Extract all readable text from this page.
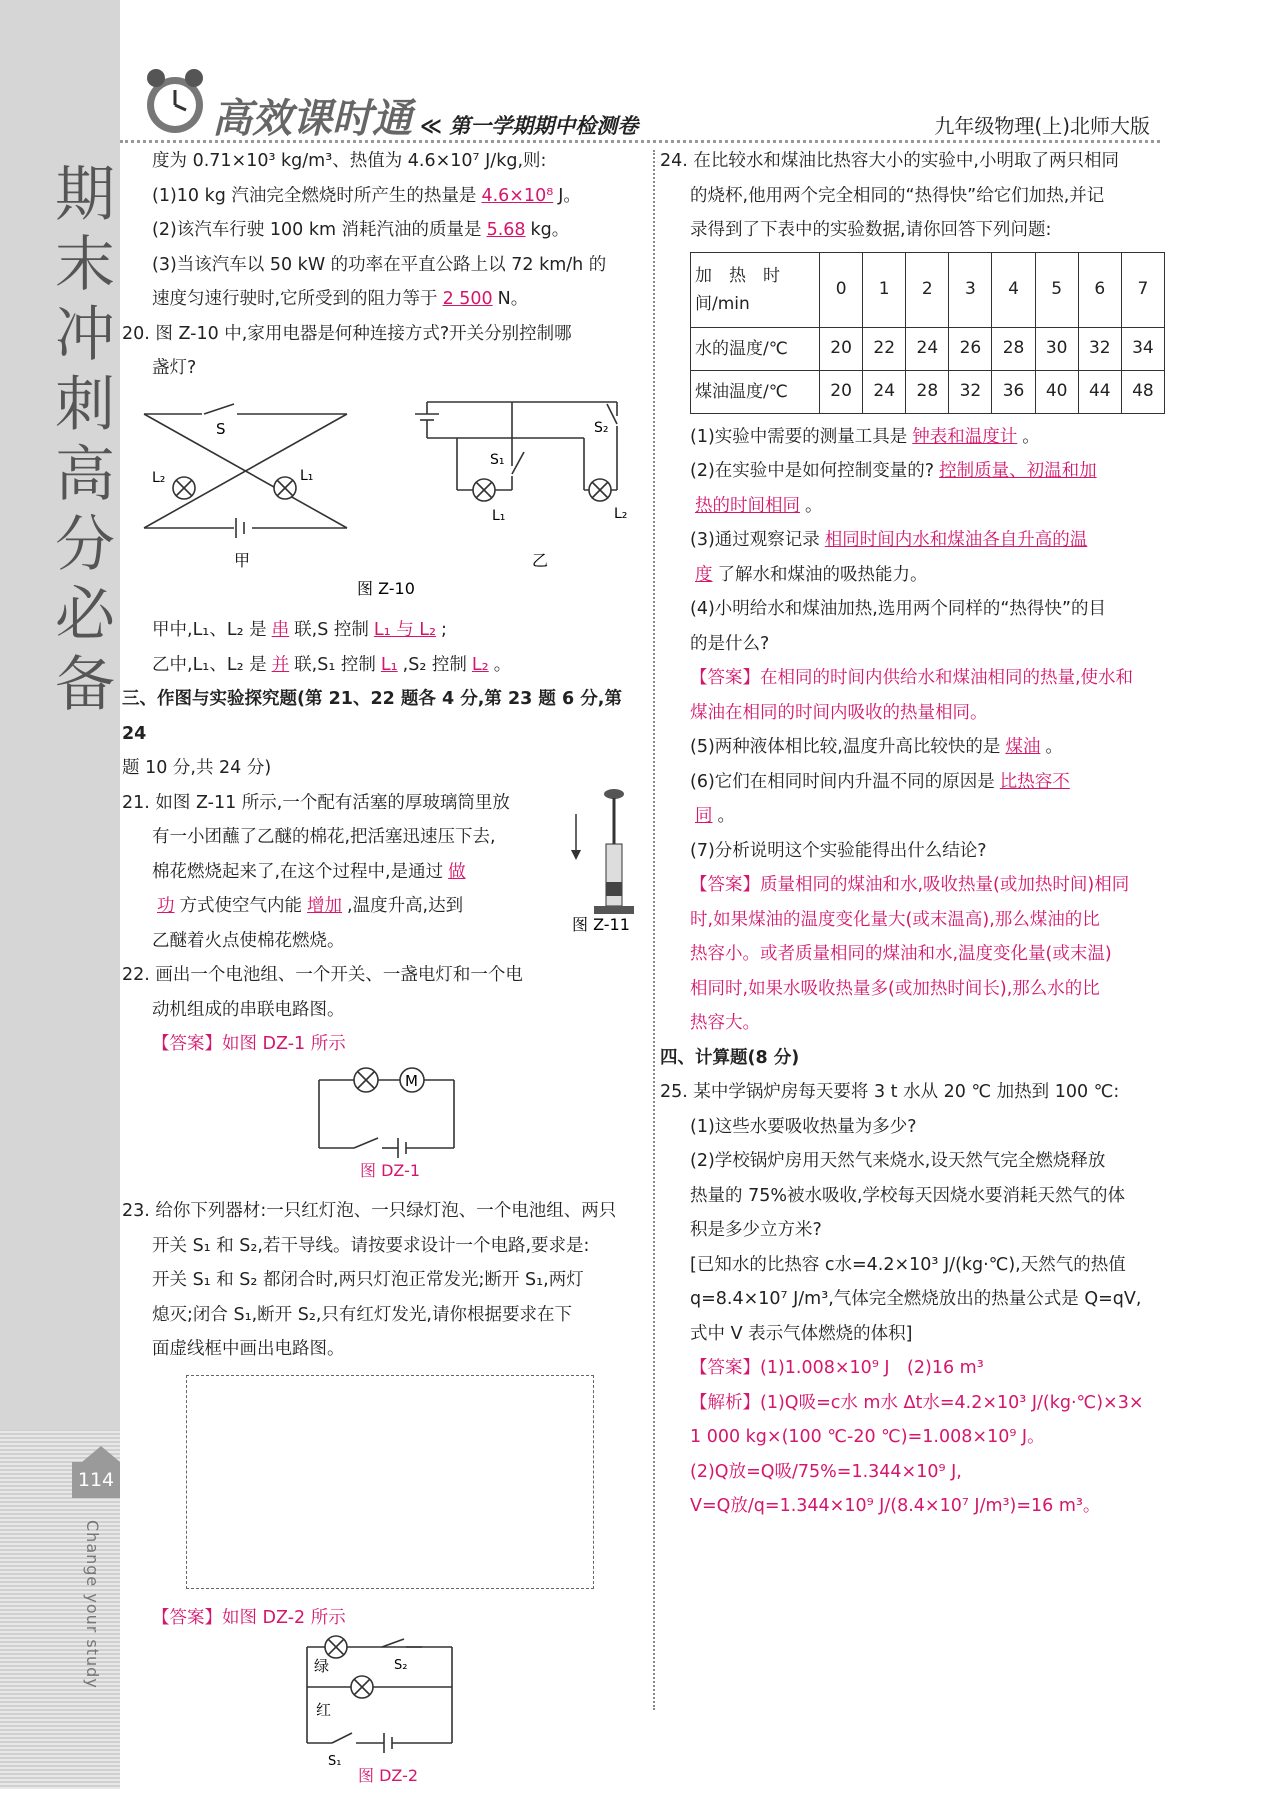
期末冲刺高分必备
114
Change your study
高效课时通 ≪ 第一学期期中检测卷	九年级物理(上)北师大版

度为 0.71×10³ kg/m³、热值为 4.6×10⁷ J/kg,则:

(1)10 kg 汽油完全燃烧时所产生的热量是 4.6×10⁸ J。

(2)该汽车行驶 100 km 消耗汽油的质量是 5.68 kg。

(3)当该汽车以 50 kW 的功率在平直公路上以 72 km/h 的

速度匀速行驶时,它所受到的阻力等于 2 500 N。

20. 图 Z-10 中,家用电器是何种连接方式?开关分别控制哪

盏灯?

S
L₂	L₁
甲
S₁
S₂
L₁	L₂
乙
图 Z-10

甲中,L₁、L₂ 是 串 联,S 控制 L₁ 与 L₂ ;

乙中,L₁、L₂ 是 并 联,S₁ 控制 L₁ ,S₂ 控制 L₂ 。

三、作图与实验探究题(第 21、22 题各 4 分,第 23 题 6 分,第 24

题 10 分,共 24 分)

21. 如图 Z-11 所示,一个配有活塞的厚玻璃筒里放

有一小团蘸了乙醚的棉花,把活塞迅速压下去,

棉花燃烧起来了,在这个过程中,是通过 做

功 方式使空气内能 增加 ,温度升高,达到

乙醚着火点使棉花燃烧。

图 Z-11

22. 画出一个电池组、一个开关、一盏电灯和一个电

动机组成的串联电路图。

【答案】如图 DZ-1 所示

M
图 DZ-1

23. 给你下列器材:一只红灯泡、一只绿灯泡、一个电池组、两只

开关 S₁ 和 S₂,若干导线。请按要求设计一个电路,要求是:

开关 S₁ 和 S₂ 都闭合时,两只灯泡正常发光;断开 S₁,两灯

熄灭;闭合 S₁,断开 S₂,只有红灯发光,请你根据要求在下

面虚线框中画出电路图。

【答案】如图 DZ-2 所示

绿
红
S₂
S₁
图 DZ-2

24. 在比较水和煤油比热容大小的实验中,小明取了两只相同

的烧杯,他用两个完全相同的“热得快”给它们加热,并记

录得到了下表中的实验数据,请你回答下列问题:

加　热　时
间/min	0	1	2	3	4	5	6	7
水的温度/℃	20	22	24	26	28	30	32	34
煤油温度/℃	20	24	28	32	36	40	44	48

(1)实验中需要的测量工具是 钟表和温度计 。

(2)在实验中是如何控制变量的? 控制质量、初温和加

热的时间相同 。

(3)通过观察记录 相同时间内水和煤油各自升高的温

度 了解水和煤油的吸热能力。

(4)小明给水和煤油加热,选用两个同样的“热得快”的目

的是什么?

【答案】在相同的时间内供给水和煤油相同的热量,使水和

煤油在相同的时间内吸收的热量相同。

(5)两种液体相比较,温度升高比较快的是 煤油 。

(6)它们在相同时间内升温不同的原因是 比热容不

同 。

(7)分析说明这个实验能得出什么结论?

【答案】质量相同的煤油和水,吸收热量(或加热时间)相同

时,如果煤油的温度变化量大(或末温高),那么煤油的比

热容小。或者质量相同的煤油和水,温度变化量(或末温)

相同时,如果水吸收热量多(或加热时间长),那么水的比

热容大。

四、计算题(8 分)

25. 某中学锅炉房每天要将 3 t 水从 20 ℃ 加热到 100 ℃:

(1)这些水要吸收热量为多少?

(2)学校锅炉房用天然气来烧水,设天然气完全燃烧释放

热量的 75%被水吸收,学校每天因烧水要消耗天然气的体

积是多少立方米?

[已知水的比热容 c水=4.2×10³ J/(kg·℃),天然气的热值

q=8.4×10⁷ J/m³,气体完全燃烧放出的热量公式是 Q=qV,

式中 V 表示气体燃烧的体积]

【答案】(1)1.008×10⁹ J　(2)16 m³

【解析】(1)Q吸=c水 m水 Δt水=4.2×10³ J/(kg·℃)×3×

1 000 kg×(100 ℃-20 ℃)=1.008×10⁹ J。

(2)Q放=Q吸/75%=1.344×10⁹ J,

V=Q放/q=1.344×10⁹ J/(8.4×10⁷ J/m³)=16 m³。
